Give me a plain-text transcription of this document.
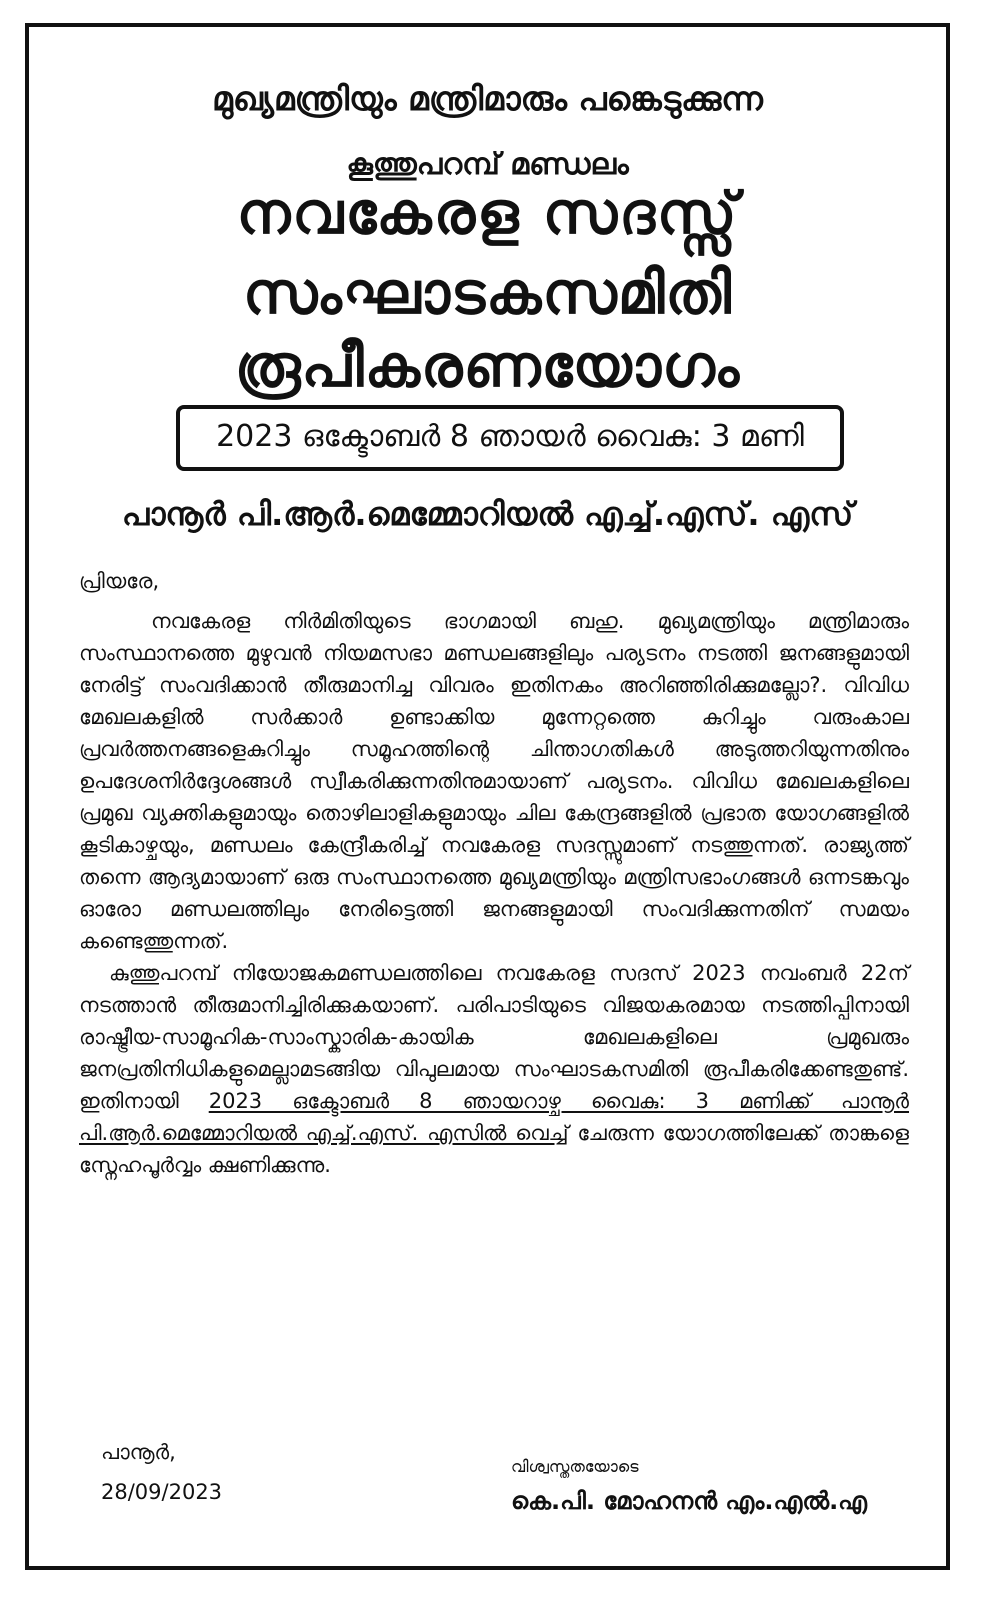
മുഖ്യമന്ത്രിയും മന്ത്രിമാരും പങ്കെടുക്കുന്ന
കൂത്തുപറമ്പ് മണ്ഡലം
നവകേരള സദസ്സ്
സംഘാടകസമിതി
രൂപീകരണയോഗം
2023 ഒക്ടോബർ 8 ഞായർ വൈകു: 3 മണി
പാനൂർ പി.ആർ.മെമ്മോറിയൽ എച്ച്.എസ്. എസ്
പ്രിയരേ,

നവകേരള നിർമിതിയുടെ ഭാഗമായി ബഹു. മുഖ്യമന്ത്രിയും മന്ത്രിമാരും സംസ്ഥാനത്തെ മുഴുവൻ നിയമസഭാ മണ്ഡലങ്ങളിലും പര്യടനം നടത്തി ജനങ്ങളുമായി നേരിട്ട് സംവദിക്കാൻ തീരുമാനിച്ച വിവരം ഇതിനകം അറിഞ്ഞിരിക്കുമല്ലോ?. വിവിധ മേഖലകളിൽ സർക്കാർ ഉണ്ടാക്കിയ മുന്നേറ്റത്തെ കുറിച്ചും വരുംകാല പ്രവർത്തനങ്ങളെകുറിച്ചും സമൂഹത്തിന്റെ ചിന്താഗതികൾ അടുത്തറിയുന്നതിനും ഉപദേശനിർദ്ദേശങ്ങൾ സ്വീകരിക്കുന്നതിനുമായാണ് പര്യടനം. വിവിധ മേഖലകളിലെ പ്രമുഖ വ്യക്തികളുമായും തൊഴിലാളികളുമായും ചില കേന്ദ്രങ്ങളിൽ പ്രഭാത യോഗങ്ങളിൽ കൂടികാഴ്ചയും, മണ്ഡലം കേന്ദ്രീകരിച്ച് നവകേരള സദസ്സുമാണ് നടത്തുന്നത്. രാജ്യത്ത് തന്നെ ആദ്യമായാണ് ഒരു സംസ്ഥാനത്തെ മുഖ്യമന്ത്രിയും മന്ത്രിസഭാംഗങ്ങൾ ഒന്നടങ്കവും ഓരോ മണ്ഡലത്തിലും നേരിട്ടെത്തി ജനങ്ങളുമായി സംവദിക്കുന്നതിന് സമയം കണ്ടെത്തുന്നത്.

കുത്തുപറമ്പ് നിയോജകമണ്ഡലത്തിലെ നവകേരള സദസ് 2023 നവംബർ 22ന് നടത്താൻ തീരുമാനിച്ചിരിക്കുകയാണ്. പരിപാടിയുടെ വിജയകരമായ നടത്തിപ്പിനായി രാഷ്ട്രീയ-സാമൂഹിക-സാംസ്കാരിക-കായിക മേഖലകളിലെ പ്രമുഖരും ജനപ്രതിനിധികളുമെല്ലാമടങ്ങിയ വിപുലമായ സംഘാടകസമിതി രൂപീകരിക്കേണ്ടതുണ്ട്. ഇതിനായി 2023 ഒക്ടോബർ 8 ഞായറാഴ്ച വൈകു: 3 മണിക്ക് പാനൂർ പി.ആർ.മെമ്മോറിയൽ എച്ച്.എസ്. എസിൽ വെച്ച് ചേരുന്ന യോഗത്തിലേക്ക് താങ്കളെ സ്നേഹപൂർവ്വം ക്ഷണിക്കുന്നു.

പാനൂർ,
28/09/2023
വിശ്വസ്തതയോടെ
കെ.പി. മോഹനൻ എം.എൽ.എ
